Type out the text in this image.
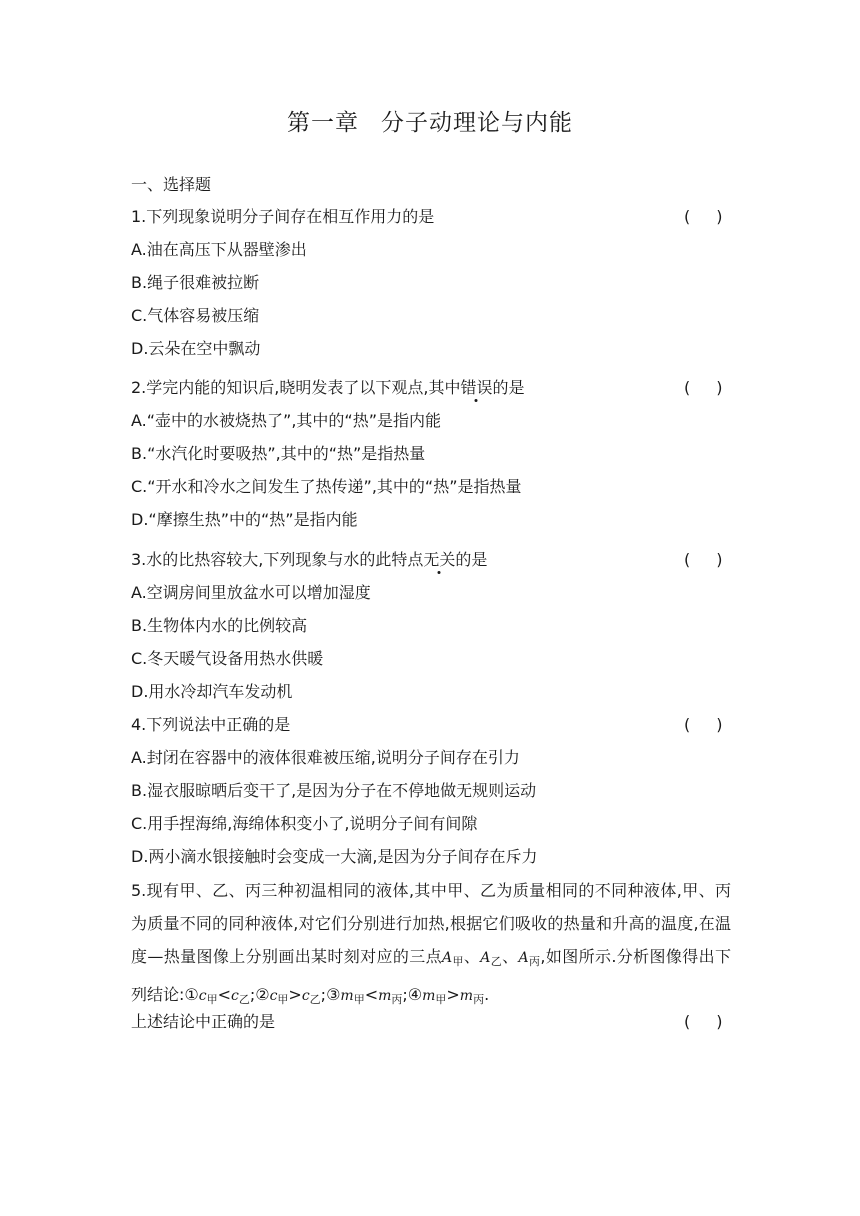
第一章 分子动理论与内能
一、选择题
1.下列现象说明分子间存在相互作用力的是	( )
A.油在高压下从器壁渗出
B.绳子很难被拉断
C.气体容易被压缩
D.云朵在空中飘动
2.学完内能的知识后,晓明发表了以下观点,其中错误的是	( )
A.“壶中的水被烧热了”,其中的“热”是指内能
B.“水汽化时要吸热”,其中的“热”是指热量
C.“开水和冷水之间发生了热传递”,其中的“热”是指热量
D.“摩擦生热”中的“热”是指内能
3.水的比热容较大,下列现象与水的此特点无关的是	( )
A.空调房间里放盆水可以增加湿度
B.生物体内水的比例较高
C.冬天暖气设备用热水供暖
D.用水冷却汽车发动机
4.下列说法中正确的是	( )
A.封闭在容器中的液体很难被压缩,说明分子间存在引力
B.湿衣服晾晒后变干了,是因为分子在不停地做无规则运动
C.用手捏海绵,海绵体积变小了,说明分子间有间隙
D.两小滴水银接触时会变成一大滴,是因为分子间存在斥力
5.现有甲、乙、丙三种初温相同的液体,其中甲、乙为质量相同的不同种液体,甲、丙为质量不同的同种液体,对它们分别进行加热,根据它们吸收的热量和升高的温度,在温度—热量图像上分别画出某时刻对应的三点$A_甲$、$A_乙$、$A_丙$,如图所示.分析图像得出下列结论$:①c_甲<c_乙;②c_甲>c_乙;③m_甲<m_丙;④m_甲>m_丙$.
上述结论中正确的是	( )
